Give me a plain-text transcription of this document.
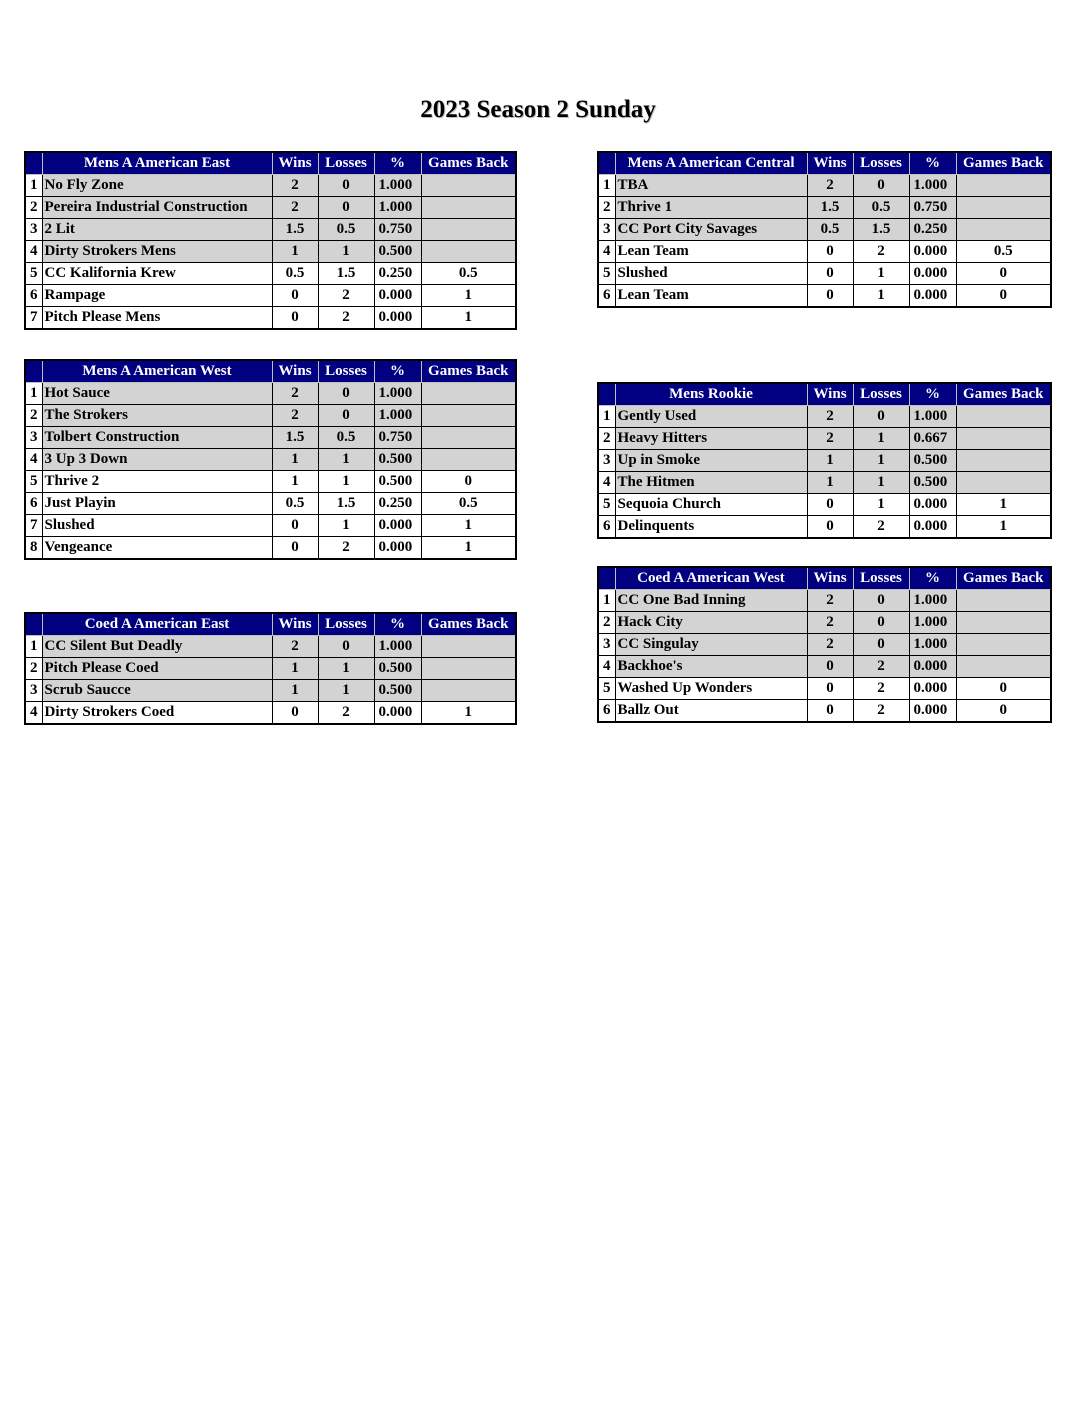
2023 Season 2 Sunday
	Mens A American East	Wins	Losses	%	Games Back
1	No Fly Zone	2	0	1.000	
2	Pereira Industrial Construction	2	0	1.000	
3	2 Lit	1.5	0.5	0.750	
4	Dirty Strokers Mens	1	1	0.500	
5	CC Kalifornia Krew	0.5	1.5	0.250	0.5
6	Rampage	0	2	0.000	1
7	Pitch Please Mens	0	2	0.000	1
	Mens A American West	Wins	Losses	%	Games Back
1	Hot Sauce	2	0	1.000	
2	The Strokers	2	0	1.000	
3	Tolbert Construction	1.5	0.5	0.750	
4	3 Up 3 Down	1	1	0.500	
5	Thrive 2	1	1	0.500	0
6	Just Playin	0.5	1.5	0.250	0.5
7	Slushed	0	1	0.000	1
8	Vengeance	0	2	0.000	1
	Coed A American East	Wins	Losses	%	Games Back
1	CC Silent But Deadly	2	0	1.000	
2	Pitch Please Coed	1	1	0.500	
3	Scrub Saucce	1	1	0.500	
4	Dirty Strokers Coed	0	2	0.000	1
	Mens A American Central	Wins	Losses	%	Games Back
1	TBA	2	0	1.000	
2	Thrive 1	1.5	0.5	0.750	
3	CC Port City Savages	0.5	1.5	0.250	
4	Lean Team	0	2	0.000	0.5
5	Slushed	0	1	0.000	0
6	Lean Team	0	1	0.000	0
	Mens Rookie	Wins	Losses	%	Games Back
1	Gently Used	2	0	1.000	
2	Heavy Hitters	2	1	0.667	
3	Up in Smoke	1	1	0.500	
4	The Hitmen	1	1	0.500	
5	Sequoia Church	0	1	0.000	1
6	Delinquents	0	2	0.000	1
	Coed A American West	Wins	Losses	%	Games Back
1	CC One Bad Inning	2	0	1.000	
2	Hack City	2	0	1.000	
3	CC Singulay	2	0	1.000	
4	Backhoe's	0	2	0.000	
5	Washed Up Wonders	0	2	0.000	0
6	Ballz Out	0	2	0.000	0
